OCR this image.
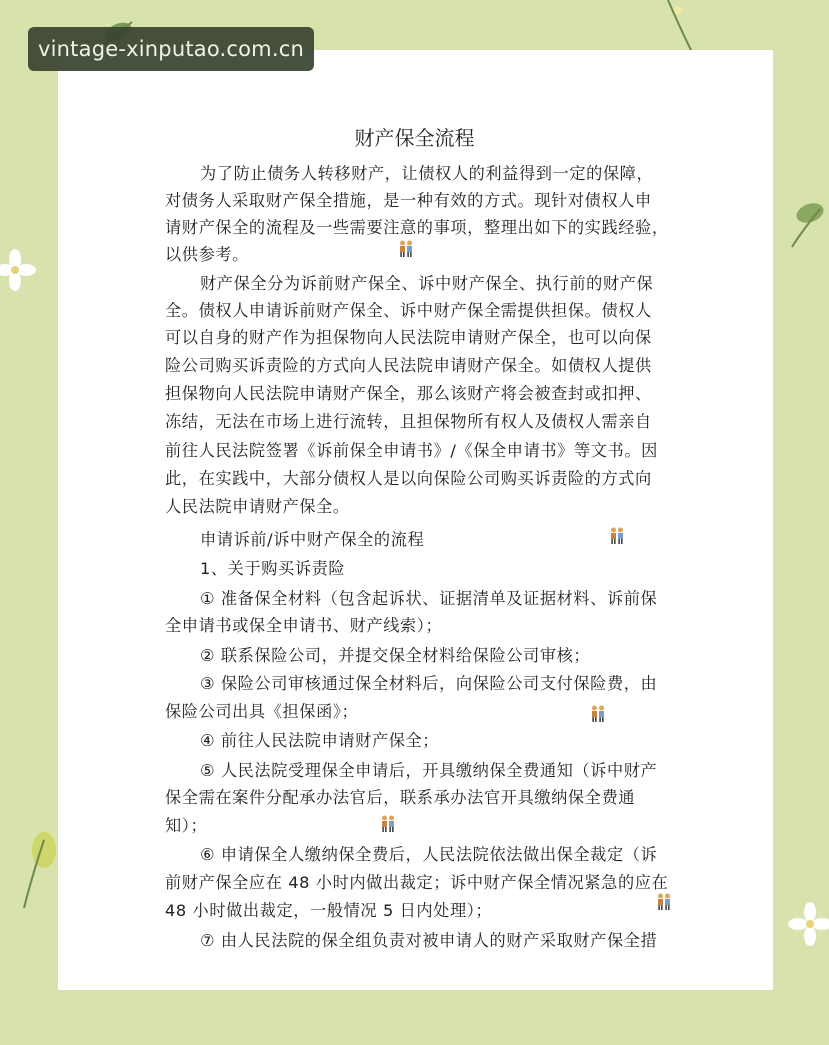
vintage-xinputao.com.cn
财产保全流程
为了防止债务人转移财产，让债权人的利益得到一定的保障，
对债务人采取财产保全措施，是一种有效的方式。现针对债权人申
请财产保全的流程及一些需要注意的事项，整理出如下的实践经验，
以供参考。
财产保全分为诉前财产保全、诉中财产保全、执行前的财产保
全。债权人申请诉前财产保全、诉中财产保全需提供担保。债权人
可以自身的财产作为担保物向人民法院申请财产保全，也可以向保
险公司购买诉责险的方式向人民法院申请财产保全。如债权人提供
担保物向人民法院申请财产保全，那么该财产将会被查封或扣押、
冻结，无法在市场上进行流转，且担保物所有权人及债权人需亲自
前往人民法院签署《诉前保全申请书》/《保全申请书》等文书。因
此，在实践中，大部分债权人是以向保险公司购买诉责险的方式向
人民法院申请财产保全。
申请诉前/诉中财产保全的流程
1、关于购买诉责险
① 准备保全材料（包含起诉状、证据清单及证据材料、诉前保
全申请书或保全申请书、财产线索）；
② 联系保险公司，并提交保全材料给保险公司审核；
③ 保险公司审核通过保全材料后，向保险公司支付保险费，由
保险公司出具《担保函》；
④ 前往人民法院申请财产保全；
⑤ 人民法院受理保全申请后，开具缴纳保全费通知（诉中财产
保全需在案件分配承办法官后，联系承办法官开具缴纳保全费通
知）；
⑥ 申请保全人缴纳保全费后，人民法院依法做出保全裁定（诉
前财产保全应在 48 小时内做出裁定；诉中财产保全情况紧急的应在
48 小时做出裁定，一般情况 5 日内处理）；
⑦ 由人民法院的保全组负责对被申请人的财产采取财产保全措
